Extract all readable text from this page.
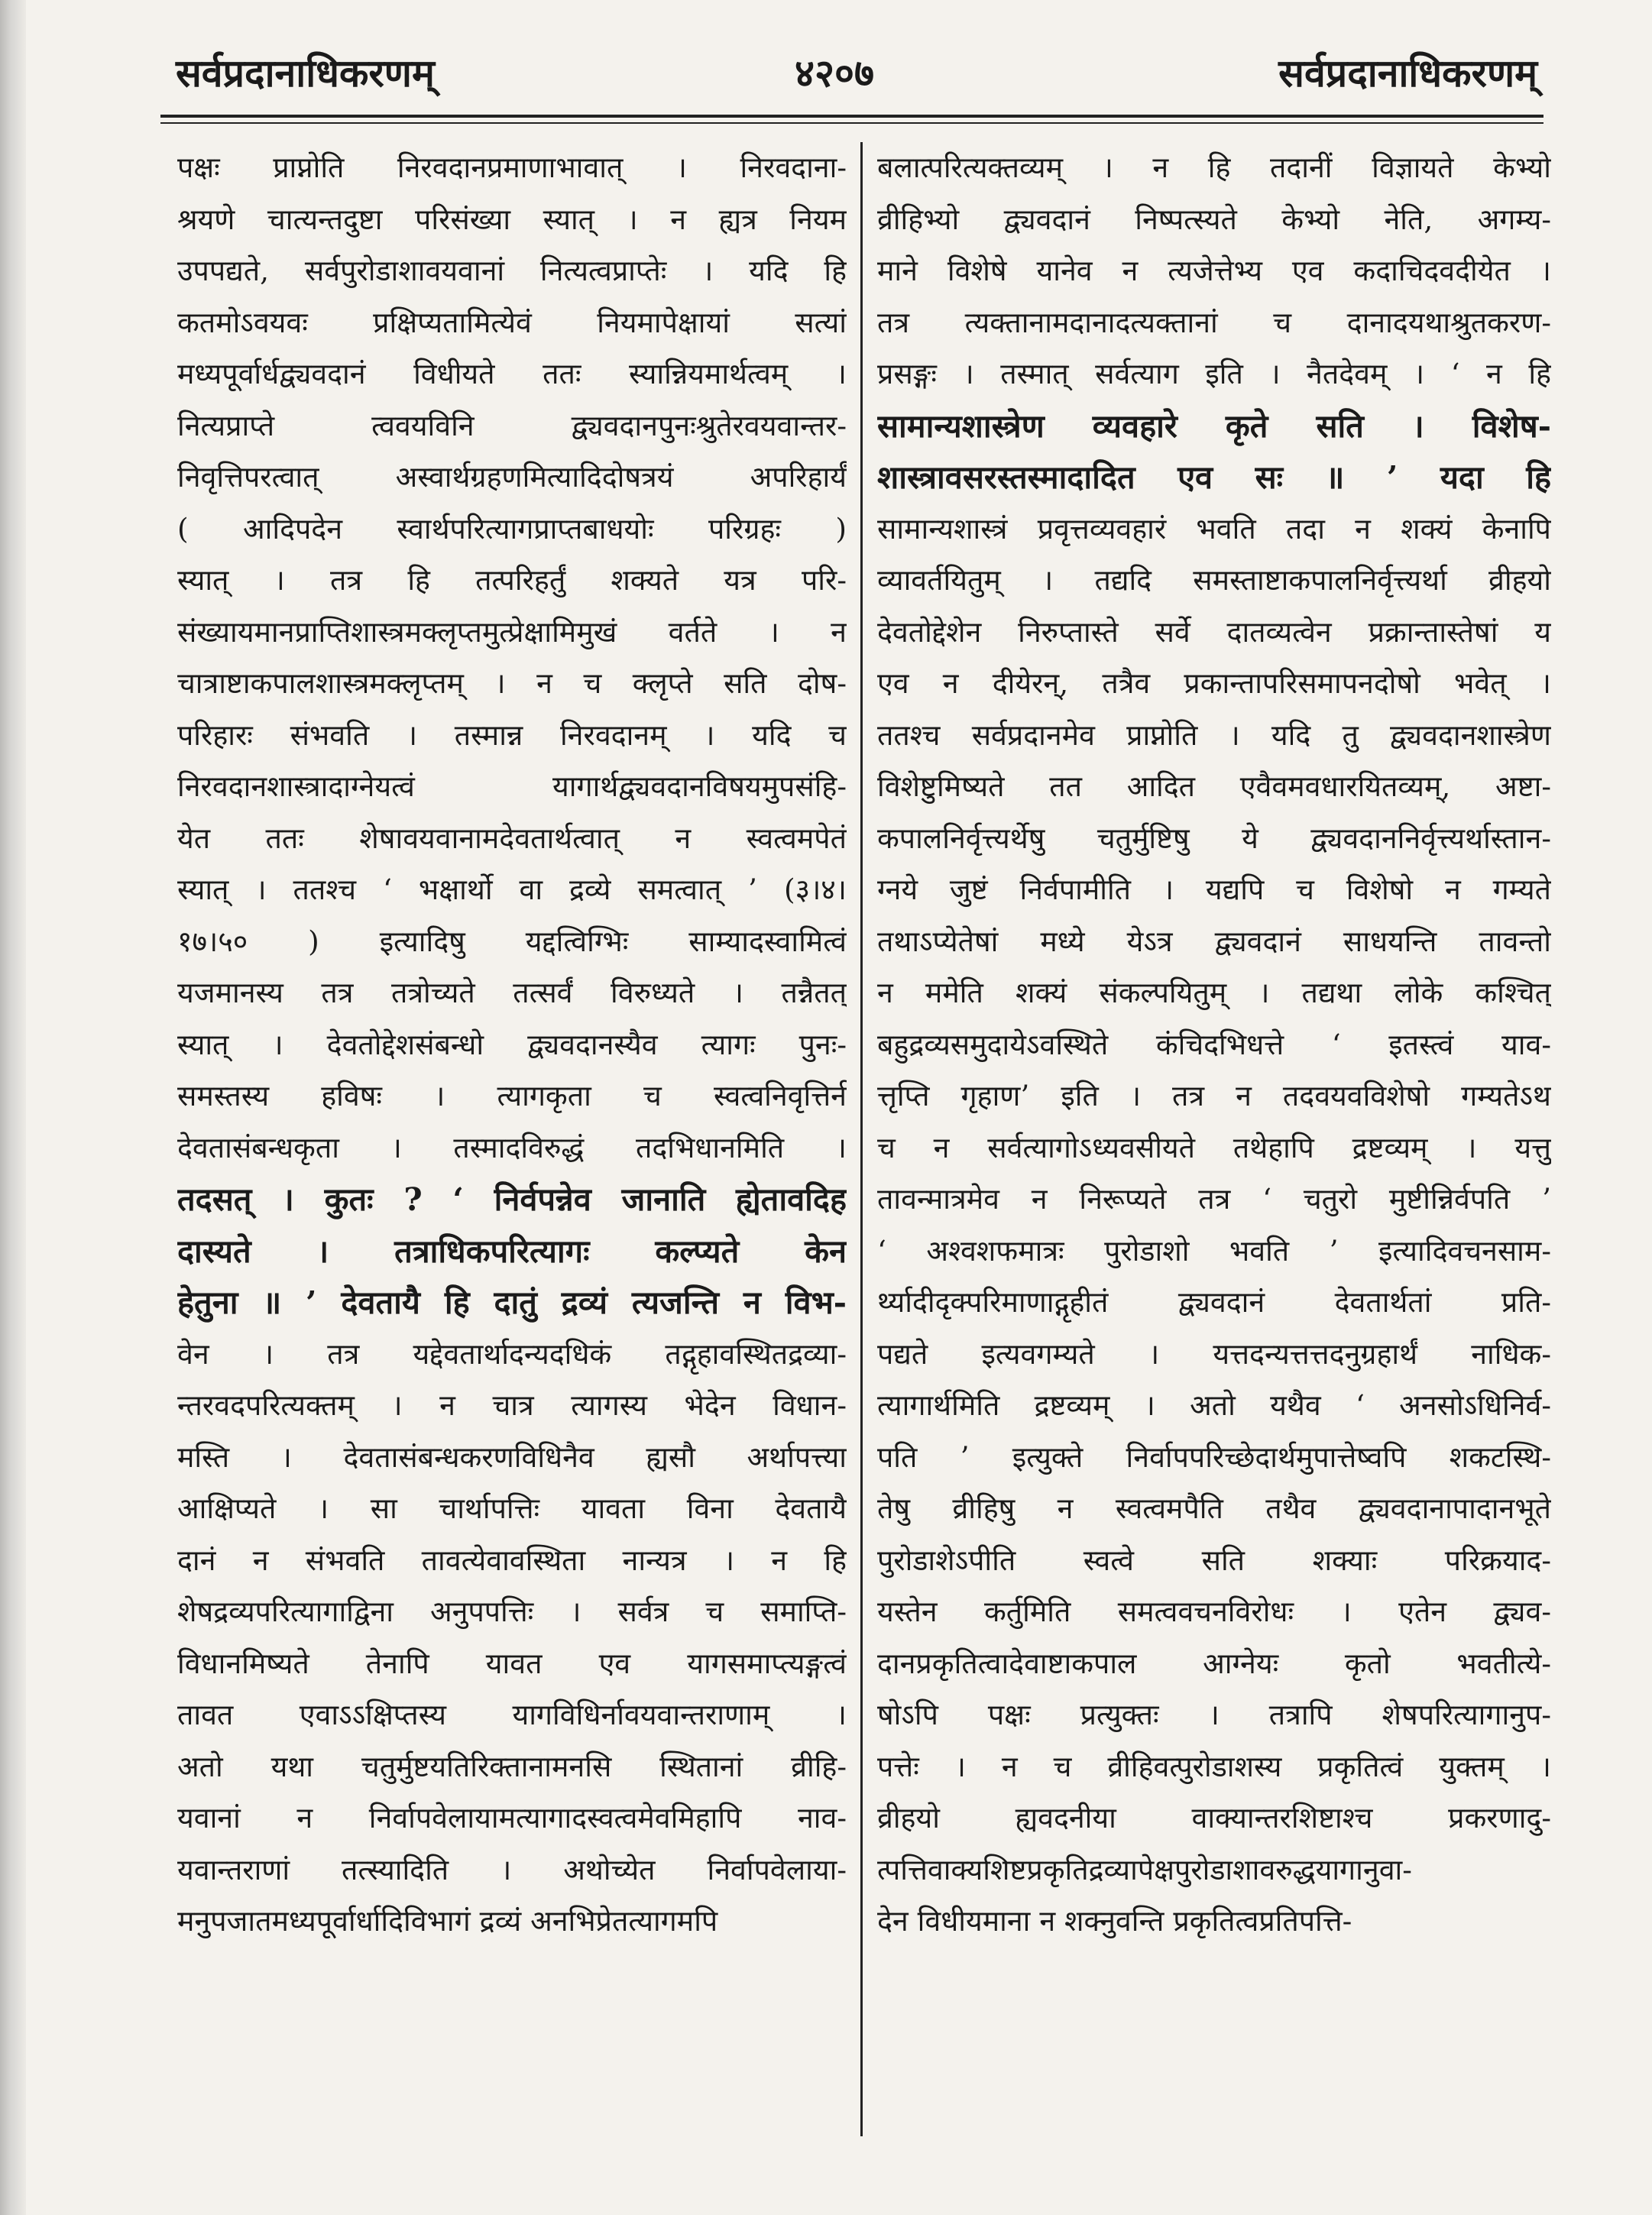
सर्वप्रदानाधिकरणम्	४२०७	सर्वप्रदानाधिकरणम्
पक्षः प्राप्नोति निरवदानप्रमाणाभावात् । निरवदाना-
श्रयणे चात्यन्तदुष्टा परिसंख्या स्यात् । न ह्यत्र नियम
उपपद्यते, सर्वपुरोडाशावयवानां नित्यत्वप्राप्तेः । यदि हि
कतमोऽवयवः प्रक्षिप्यतामित्येवं नियमापेक्षायां सत्यां
मध्यपूर्वार्धद्व्यवदानं विधीयते ततः स्यान्नियमार्थत्वम् ।
नित्यप्राप्ते त्ववयविनि द्व्यवदानपुनःश्रुतेरवयवान्तर-
निवृत्तिपरत्वात् अस्वार्थग्रहणमित्यादिदोषत्रयं अपरिहार्यं
( आदिपदेन स्वार्थपरित्यागप्राप्तबाधयोः परिग्रहः )
स्यात् । तत्र हि तत्परिहर्तुं शक्यते यत्र परि-
संख्यायमानप्राप्तिशास्त्रमक्लृप्तमुत्प्रेक्षामिमुखं वर्तते । न
चात्राष्टाकपालशास्त्रमक्लृप्तम् । न च क्लृप्ते सति दोष-
परिहारः संभवति । तस्मान्न निरवदानम् । यदि च
निरवदानशास्त्रादाग्नेयत्वं यागार्थद्व्यवदानविषयमुपसंहि-
येत ततः शेषावयवानामदेवतार्थत्वात् न स्वत्वमपेतं
स्यात् । ततश्च ‘ भक्षार्थो वा द्रव्ये समत्वात् ’ (३।४।
१७।५० ) इत्यादिषु यद्दत्विग्भिः साम्यादस्वामित्वं
यजमानस्य तत्र तत्रोच्यते तत्सर्वं विरुध्यते । तन्नैतत्
स्यात् । देवतोद्देशसंबन्धो द्व्यवदानस्यैव त्यागः पुनः-
समस्तस्य हविषः । त्यागकृता च स्वत्वनिवृत्तिर्न
देवतासंबन्धकृता । तस्मादविरुद्धं तदभिधानमिति ।
तदसत् । कुतः ? ‘ निर्वपन्नेव जानाति ह्येतावदिह
दास्यते । तत्राधिकपरित्यागः कल्प्यते केन
हेतुना ॥ ’ देवतायै हि दातुं द्रव्यं त्यजन्ति न विभ-
वेन । तत्र यद्देवतार्थादन्यदधिकं तद्गृहावस्थितद्रव्या-
न्तरवदपरित्यक्तम् । न चात्र त्यागस्य भेदेन विधान-
मस्ति । देवतासंबन्धकरणविधिनैव ह्यसौ अर्थापत्त्या
आक्षिप्यते । सा चार्थापत्तिः यावता विना देवतायै
दानं न संभवति तावत्येवावस्थिता नान्यत्र । न हि
शेषद्रव्यपरित्यागाद्विना अनुपपत्तिः । सर्वत्र च समाप्ति-
विधानमिष्यते तेनापि यावत एव यागसमाप्त्यङ्गत्वं
तावत एवाऽऽक्षिप्तस्य यागविधिर्नावयवान्तराणाम् ।
अतो यथा चतुर्मुष्टयतिरिक्तानामनसि स्थितानां व्रीहि-
यवानां न निर्वापवेलायामत्यागादस्वत्वमेवमिहापि नाव-
यवान्तराणां तत्स्यादिति । अथोच्येत निर्वापवेलाया-
मनुपजातमध्यपूर्वार्धादिविभागं द्रव्यं अनभिप्रेतत्यागमपि
बलात्परित्यक्तव्यम् । न हि तदानीं विज्ञायते केभ्यो
व्रीहिभ्यो द्व्यवदानं निष्पत्स्यते केभ्यो नेति, अगम्य-
माने विशेषे यानेव न त्यजेत्तेभ्य एव कदाचिदवदीयेत ।
तत्र त्यक्तानामदानादत्यक्तानां च दानादयथाश्रुतकरण-
प्रसङ्गः । तस्मात् सर्वत्याग इति । नैतदेवम् । ‘ न हि
सामान्यशास्त्रेण व्यवहारे कृते सति । विशेष-
शास्त्रावसरस्तस्मादादित एव सः ॥ ’ यदा हि
सामान्यशास्त्रं प्रवृत्तव्यवहारं भवति तदा न शक्यं केनापि
व्यावर्तयितुम् । तद्यदि समस्ताष्टाकपालनिर्वृत्त्यर्था व्रीहयो
देवतोद्देशेन निरुप्तास्ते सर्वे दातव्यत्वेन प्रक्रान्तास्तेषां य
एव न दीयेरन्, तत्रैव प्रकान्तापरिसमापनदोषो भवेत् ।
ततश्च सर्वप्रदानमेव प्राप्नोति । यदि तु द्व्यवदानशास्त्रेण
विशेष्टुमिष्यते तत आदित एवैवमवधारयितव्यम्, अष्टा-
कपालनिर्वृत्त्यर्थेषु चतुर्मुष्टिषु ये द्व्यवदाननिर्वृत्त्यर्थास्तान-
ग्नये जुष्टं निर्वपामीति । यद्यपि च विशेषो न गम्यते
तथाऽप्येतेषां मध्ये येऽत्र द्व्यवदानं साधयन्ति तावन्तो
न ममेति शक्यं संकल्पयितुम् । तद्यथा लोके कश्चित्
बहुद्रव्यसमुदायेऽवस्थिते कंचिदभिधत्ते ‘ इतस्त्वं याव-
त्तृप्ति गृहाण’ इति । तत्र न तदवयवविशेषो गम्यतेऽथ
च न सर्वत्यागोऽध्यवसीयते तथेहापि द्रष्टव्यम् । यत्तु
तावन्मात्रमेव न निरूप्यते तत्र ‘ चतुरो मुष्टीन्निर्वपति ’
‘ अश्वशफमात्रः पुरोडाशो भवति ’ इत्यादिवचनसाम-
र्थ्यादीदृक्परिमाणाद्गृहीतं द्व्यवदानं देवतार्थतां प्रति-
पद्यते इत्यवगम्यते । यत्तदन्यत्तत्तदनुग्रहार्थं नाधिक-
त्यागार्थमिति द्रष्टव्यम् । अतो यथैव ‘ अनसोऽधिनिर्व-
पति ’ इत्युक्ते निर्वापपरिच्छेदार्थमुपात्तेष्वपि शकटस्थि-
तेषु व्रीहिषु न स्वत्वमपैति तथैव द्व्यवदानापादानभूते
पुरोडाशेऽपीति स्वत्वे सति शक्याः परिक्रयाद-
यस्तेन कर्तुमिति समत्ववचनविरोधः । एतेन द्व्यव-
दानप्रकृतित्वादेवाष्टाकपाल आग्नेयः कृतो भवतीत्ये-
षोऽपि पक्षः प्रत्युक्तः । तत्रापि शेषपरित्यागानुप-
पत्तेः । न च व्रीहिवत्पुरोडाशस्य प्रकृतित्वं युक्तम् ।
व्रीहयो ह्यवदनीया वाक्यान्तरशिष्टाश्च प्रकरणादु-
त्पत्तिवाक्यशिष्टप्रकृतिद्रव्यापेक्षपुरोडाशावरुद्धयागानुवा-
देन विधीयमाना न शक्नुवन्ति प्रकृतित्वप्रतिपत्ति-
